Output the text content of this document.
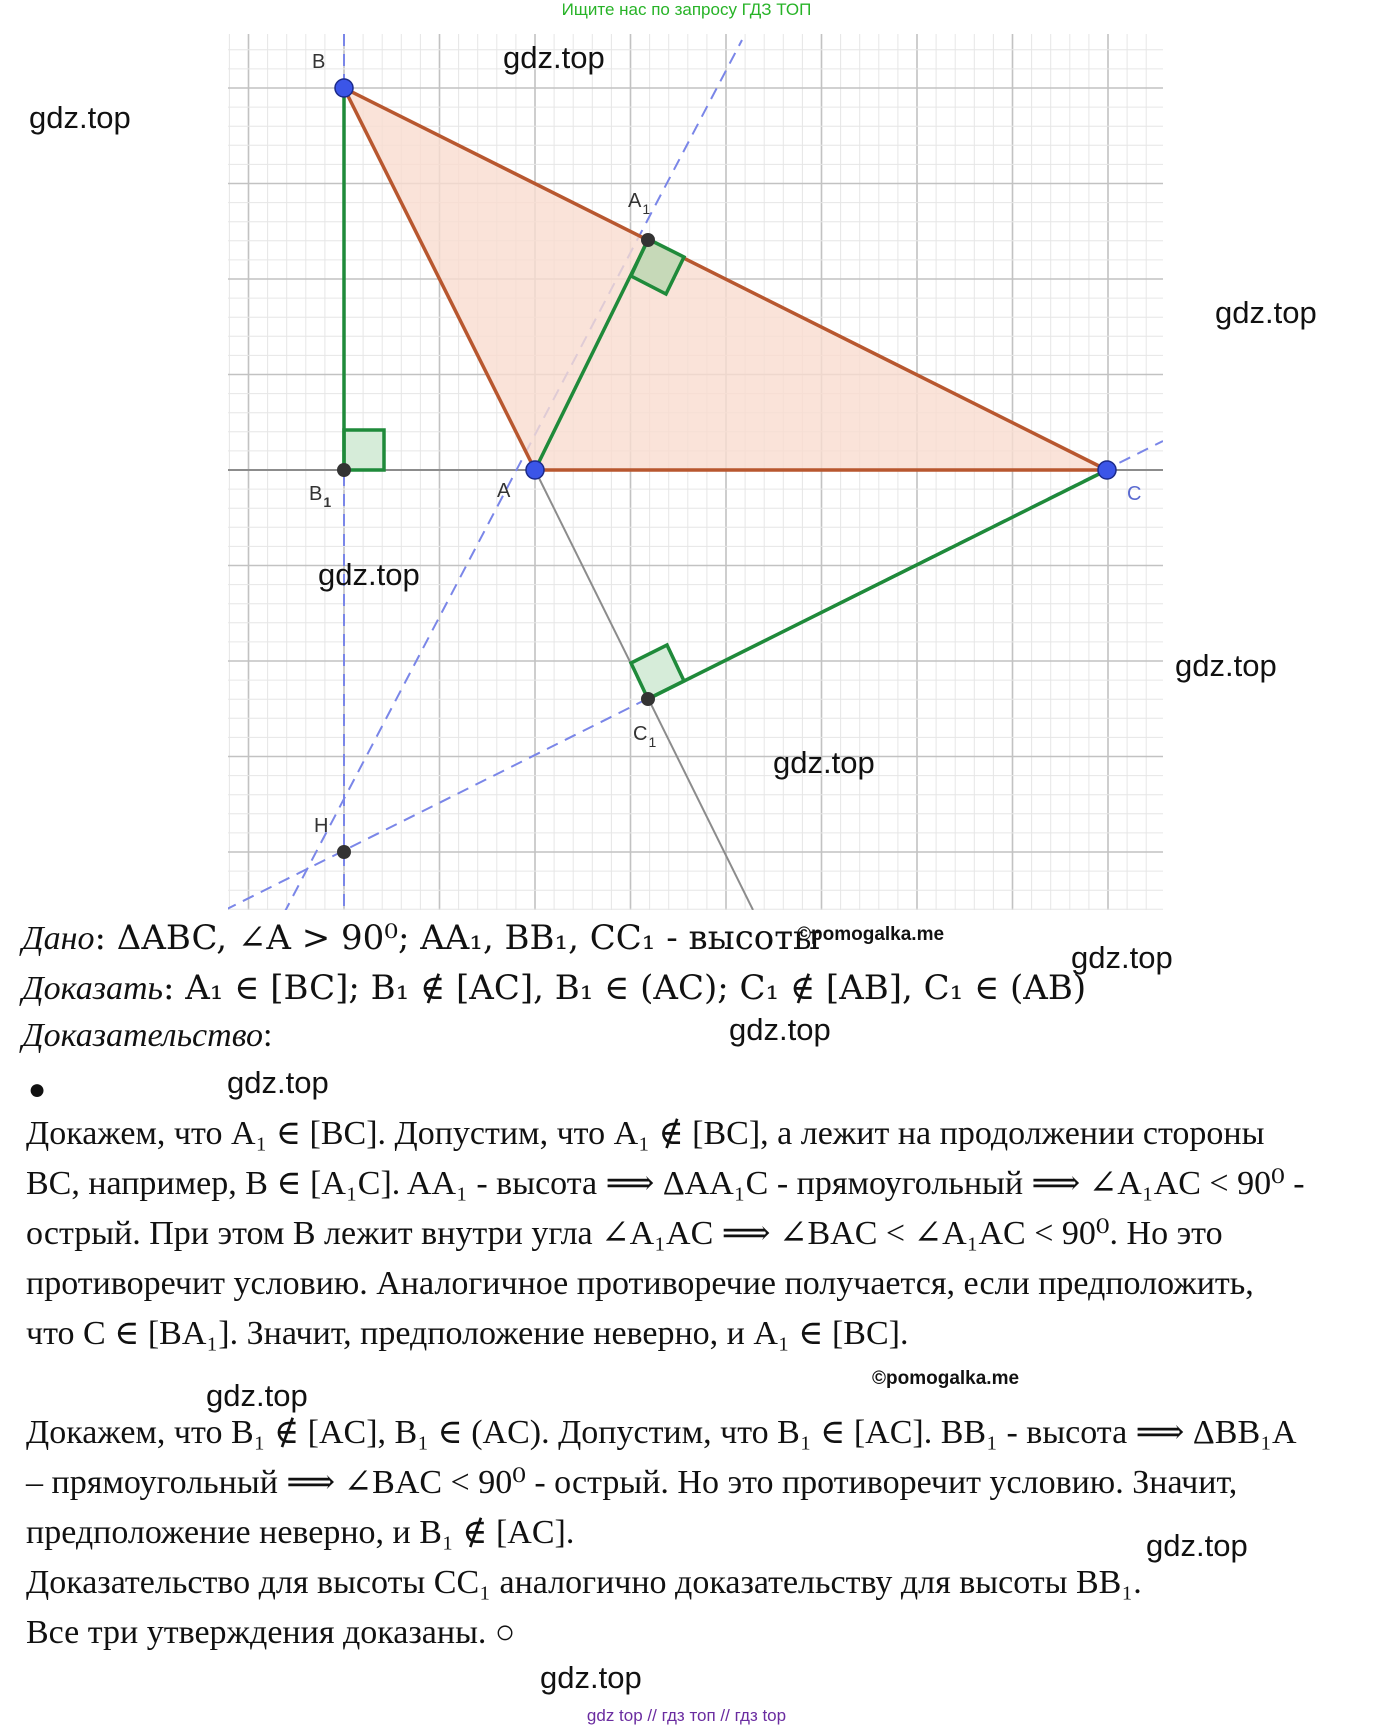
Ищите нас по запросу ГДЗ ТОП
B
$A_1$
$B_1$	A	C
$C_1$
H
gdz.top
gdz.top
gdz.top
gdz.top
gdz.top
gdz.top
gdz.top
gdz.top
gdz.top
gdz.top
gdz.top
gdz.top
©pomogalka.me
©pomogalka.me
Дано: ΔABC, ∠A > 90⁰; AA₁, BB₁, CC₁ - высоты
Доказать: A₁ ∈ [BC]; B₁ ∉ [AC], B₁ ∈ (AC); C₁ ∉ [AB], C₁ ∈ (AB)
Доказательство:
●
Докажем, что A₁ ∈ [BC]. Допустим, что A₁ ∉ [BC], а лежит на продолжении стороны
BC, например, B ∈ [A₁C]. AA₁ - высота ⟹ ΔAA₁C - прямоугольный ⟹ ∠A₁AC < 90⁰ -
острый. При этом B лежит внутри угла ∠A₁AC ⟹ ∠BAC < ∠A₁AC < 90⁰. Но это
противоречит условию. Аналогичное противоречие получается, если предположить,
что C ∈ [BA₁]. Значит, предположение неверно, и A₁ ∈ [BC].
Докажем, что B₁ ∉ [AC], B₁ ∈ (AC). Допустим, что B₁ ∈ [AC]. BB₁ - высота ⟹ ΔBB₁A
– прямоугольный ⟹ ∠BAC < 90⁰ - острый. Но это противоречит условию. Значит,
предположение неверно, и B₁ ∉ [AC].
Доказательство для высоты CC₁ аналогично доказательству для высоты BB₁.
Все три утверждения доказаны. ○
gdz top // гдз топ // гдз top
